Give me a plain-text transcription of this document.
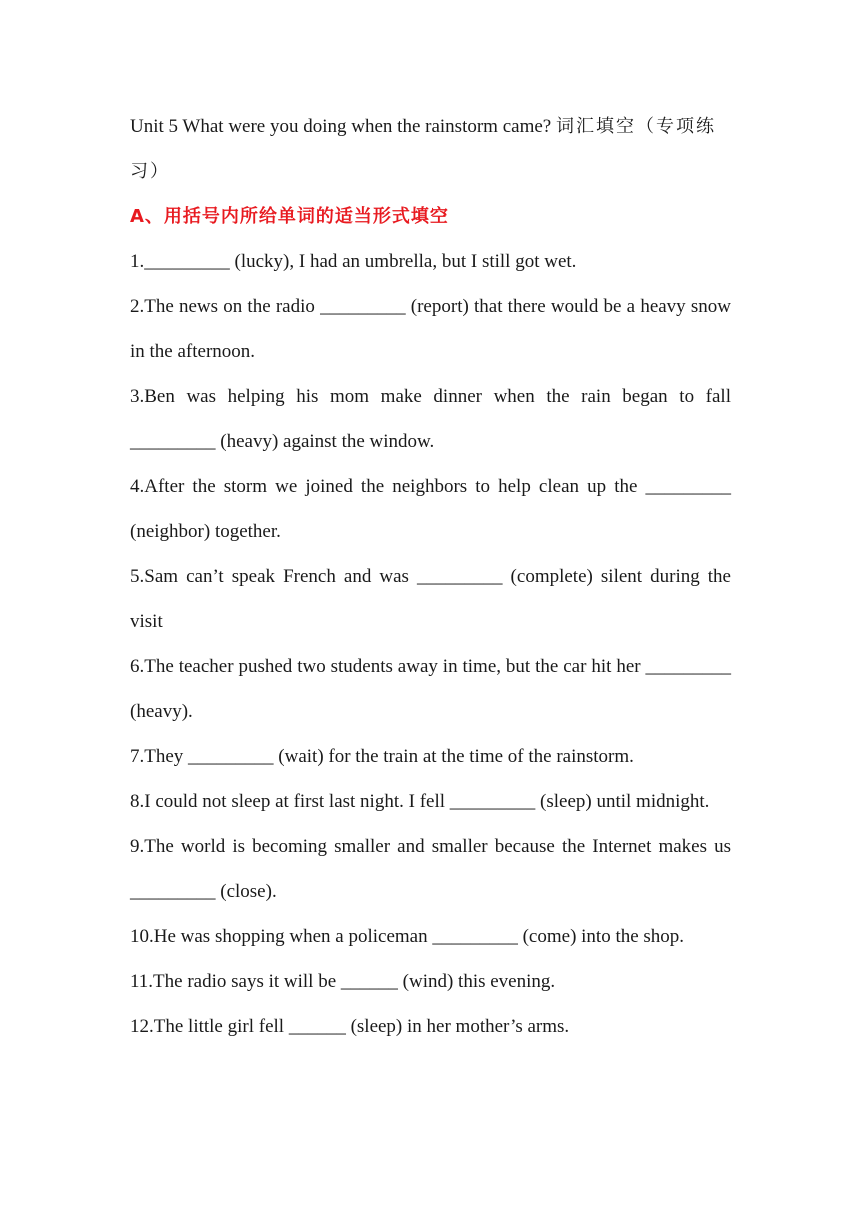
Unit 5 What were you doing when the rainstorm came? 词汇填空（专项练习）

A、用括号内所给单词的适当形式填空

1._________ (lucky), I had an umbrella, but I still got wet.

2.The news on the radio _________ (report) that there would be a heavy snow in the afternoon.

3.Ben was helping his mom make dinner when the rain began to fall _________ (heavy) against the window.

4.After the storm we joined the neighbors to help clean up the _________ (neighbor) together.

5.Sam can’t speak French and was _________ (complete) silent during the visit

6.The teacher pushed two students away in time, but the car hit her _________ (heavy).

7.They _________ (wait) for the train at the time of the rainstorm.

8.I could not sleep at first last night. I fell _________ (sleep) until midnight.

9.The world is becoming smaller and smaller because the Internet makes us _________ (close).

10.He was shopping when a policeman _________ (come) into the shop.

11.The radio says it will be ______ (wind) this evening.

12.The little girl fell ______ (sleep) in her mother’s arms.
